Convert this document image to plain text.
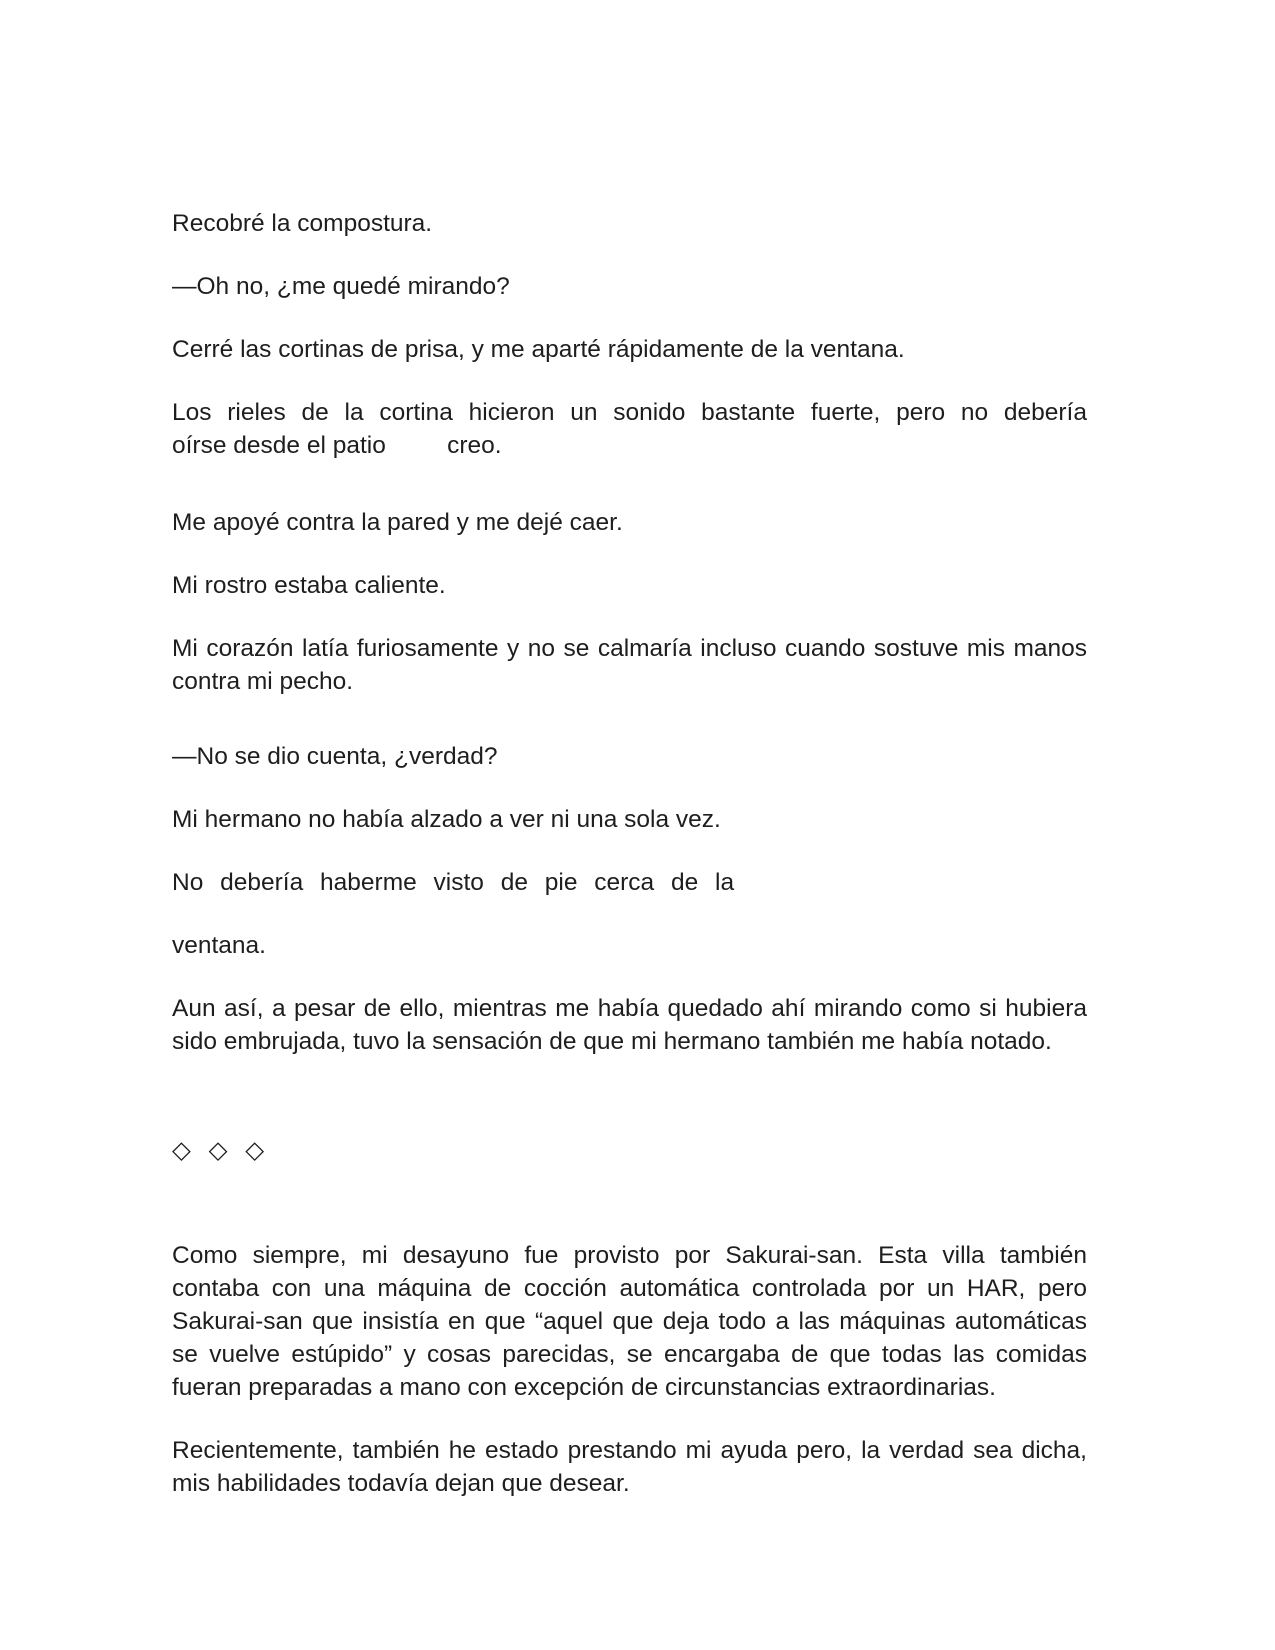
Recobré la compostura.
—Oh no, ¿me quedé mirando?
Cerré las cortinas de prisa, y me aparté rápidamente de la ventana.
Los rieles de la cortina hicieron un sonido bastante fuerte, pero no debería
oírse desde el patio         creo.
Me apoyé contra la pared y me dejé caer.
Mi rostro estaba caliente.
Mi corazón latía furiosamente y no se calmaría incluso cuando sostuve mis manos
contra mi pecho.
—No se dio cuenta, ¿verdad?
Mi hermano no había alzado a ver ni una sola vez.
No debería haberme visto de pie cerca de la
ventana.
Aun así, a pesar de ello, mientras me había quedado ahí mirando como si hubiera
sido embrujada, tuvo la sensación de que mi hermano también me había notado.
◇ ◇ ◇
Como siempre, mi desayuno fue provisto por Sakurai-san. Esta villa también
contaba con una máquina de cocción automática controlada por un HAR, pero
Sakurai-san que insistía en que “aquel que deja todo a las máquinas automáticas
se vuelve estúpido” y cosas parecidas, se encargaba de que todas las comidas
fueran preparadas a mano con excepción de circunstancias extraordinarias.
Recientemente, también he estado prestando mi ayuda pero, la verdad sea dicha,
mis habilidades todavía dejan que desear.
